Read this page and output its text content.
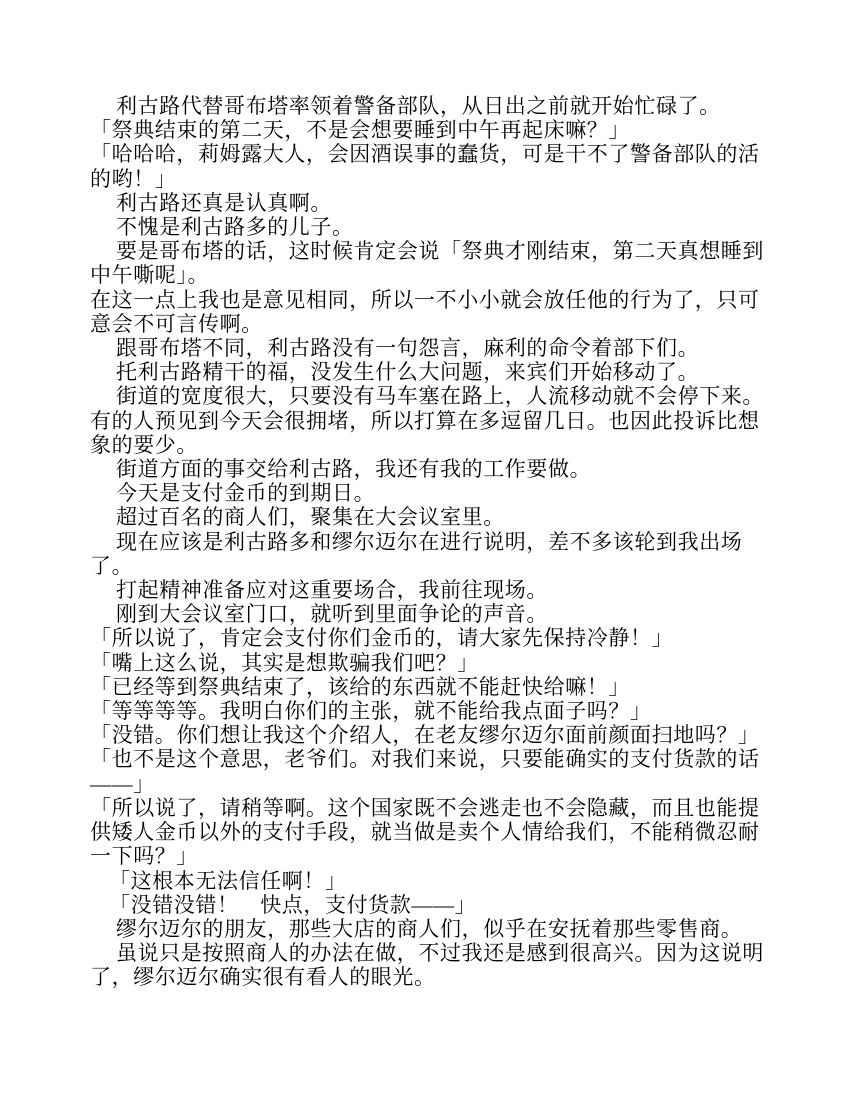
利古路代替哥布塔率领着警备部队，从日出之前就开始忙碌了。
「祭典结束的第二天，不是会想要睡到中午再起床嘛？」
「哈哈哈，莉姆露大人，会因酒误事的蠢货，可是干不了警备部队的活
的哟！」
利古路还真是认真啊。
不愧是利古路多的儿子。
要是哥布塔的话，这时候肯定会说「祭典才刚结束，第二天真想睡到
中午嘶呢」。
在这一点上我也是意见相同，所以一不小小就会放任他的行为了，只可
意会不可言传啊。
跟哥布塔不同，利古路没有一句怨言，麻利的命令着部下们。
托利古路精干的福，没发生什么大问题，来宾们开始移动了。
街道的宽度很大，只要没有马车塞在路上，人流移动就不会停下来。
有的人预见到今天会很拥堵，所以打算在多逗留几日。也因此投诉比想
象的要少。
街道方面的事交给利古路，我还有我的工作要做。
今天是支付金币的到期日。
超过百名的商人们，聚集在大会议室里。
现在应该是利古路多和缪尔迈尔在进行说明，差不多该轮到我出场
了。
打起精神准备应对这重要场合，我前往现场。
刚到大会议室门口，就听到里面争论的声音。
「所以说了，肯定会支付你们金币的，请大家先保持冷静！」
「嘴上这么说，其实是想欺骗我们吧？」
「已经等到祭典结束了，该给的东西就不能赶快给嘛！」
「等等等等。我明白你们的主张，就不能给我点面子吗？」
「没错。你们想让我这个介绍人，在老友缪尔迈尔面前颜面扫地吗？」
「也不是这个意思，老爷们。对我们来说，只要能确实的支付货款的话
——」
「所以说了，请稍等啊。这个国家既不会逃走也不会隐藏，而且也能提
供矮人金币以外的支付手段，就当做是卖个人情给我们，不能稍微忍耐
一下吗？」
「这根本无法信任啊！」
「没错没错！　快点，支付货款——」
缪尔迈尔的朋友，那些大店的商人们，似乎在安抚着那些零售商。
虽说只是按照商人的办法在做，不过我还是感到很高兴。因为这说明
了，缪尔迈尔确实很有看人的眼光。
